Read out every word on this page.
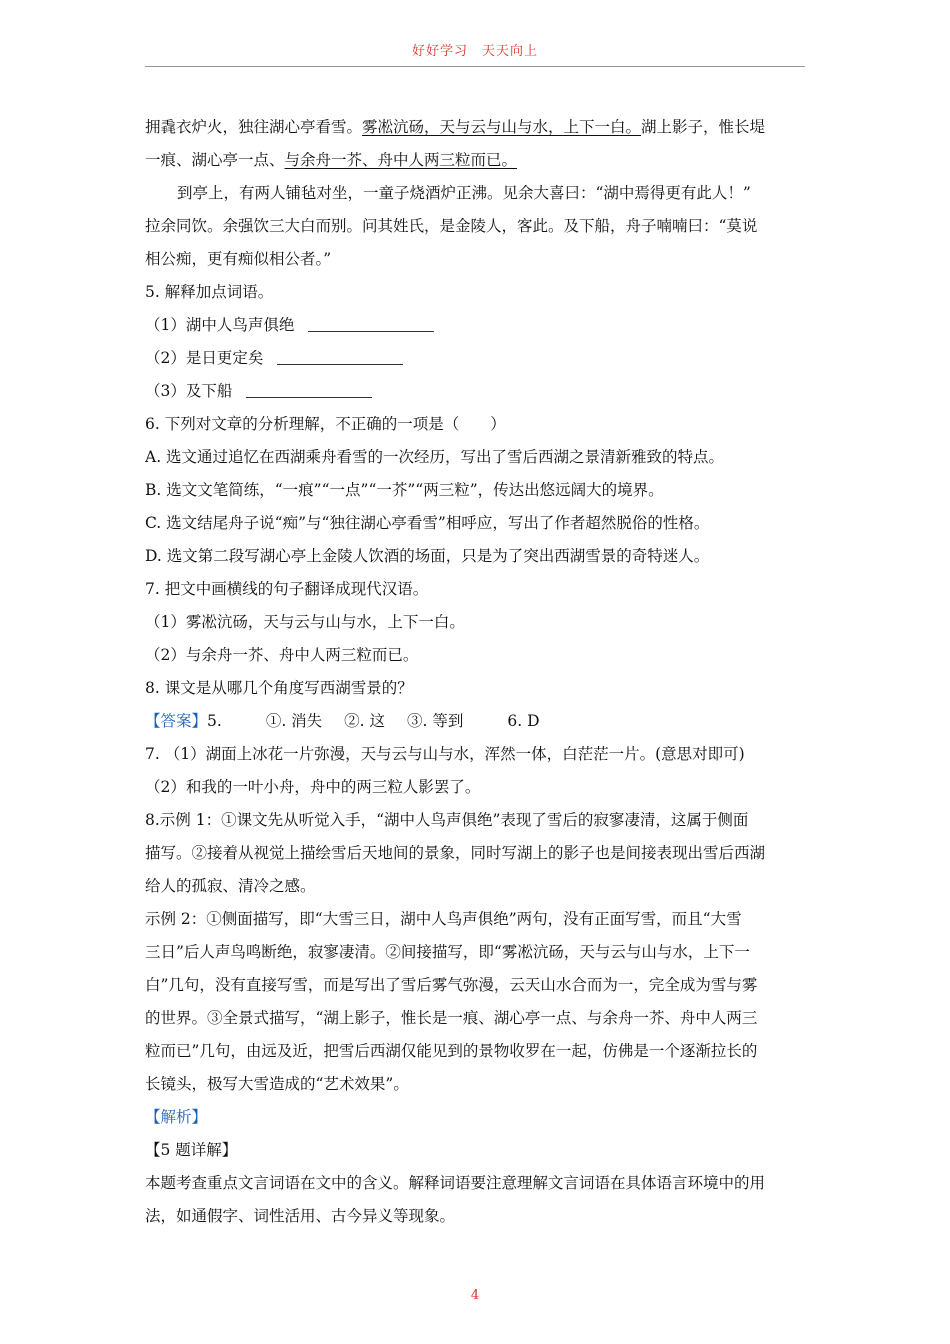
好好学习　天天向上

拥毳衣炉火，独往湖心亭看雪。雾凇沆砀，天与云与山与水，上下一白。湖上影子，惟长堤

一痕、湖心亭一点、与余舟一芥、舟中人两三粒而已。

到亭上，有两人铺毡对坐，一童子烧酒炉正沸。见余大喜曰：“湖中焉得更有此人！”

拉余同饮。余强饮三大白而别。问其姓氏，是金陵人，客此。及下船，舟子喃喃曰：“莫说

相公痴，更有痴似相公者。”

5. 解释加点词语。

（1）湖中人鸟声俱绝

（2）是日更定矣

（3）及下船

6. 下列对文章的分析理解，不正确的一项是（　　）

A. 选文通过追忆在西湖乘舟看雪的一次经历，写出了雪后西湖之景清新雅致的特点。

B. 选文文笔简练，“一痕”“一点”“一芥”“两三粒”，传达出悠远阔大的境界。

C. 选文结尾舟子说“痴”与“独往湖心亭看雪”相呼应，写出了作者超然脱俗的性格。

D. 选文第二段写湖心亭上金陵人饮酒的场面，只是为了突出西湖雪景的奇特迷人。

7. 把文中画横线的句子翻译成现代汉语。

（1）雾凇沆砀，天与云与山与水，上下一白。

（2）与余舟一芥、舟中人两三粒而已。

8. 课文是从哪几个角度写西湖雪景的？

【答案】5.	①. 消失 ②. 这 ③. 等到	6. D

7. （1）湖面上冰花一片弥漫，天与云与山与水，浑然一体，白茫茫一片。(意思对即可)

（2）和我的一叶小舟，舟中的两三粒人影罢了。

8.示例 1：①课文先从听觉入手，“湖中人鸟声俱绝”表现了雪后的寂寥凄清，这属于侧面

描写。②接着从视觉上描绘雪后天地间的景象，同时写湖上的影子也是间接表现出雪后西湖

给人的孤寂、清冷之感。

示例 2：①侧面描写，即“大雪三日，湖中人鸟声俱绝”两句，没有正面写雪，而且“大雪

三日”后人声鸟鸣断绝，寂寥凄清。②间接描写，即“雾凇沆砀，天与云与山与水，上下一

白”几句，没有直接写雪，而是写出了雪后雾气弥漫，云天山水合而为一，完全成为雪与雾

的世界。③全景式描写，“湖上影子，惟长是一痕、湖心亭一点、与余舟一芥、舟中人两三

粒而已”几句，由远及近，把雪后西湖仅能见到的景物收罗在一起，仿佛是一个逐渐拉长的

长镜头，极写大雪造成的“艺术效果”。

【解析】

【5 题详解】

本题考查重点文言词语在文中的含义。解释词语要注意理解文言词语在具体语言环境中的用

法，如通假字、词性活用、古今异义等现象。

4
